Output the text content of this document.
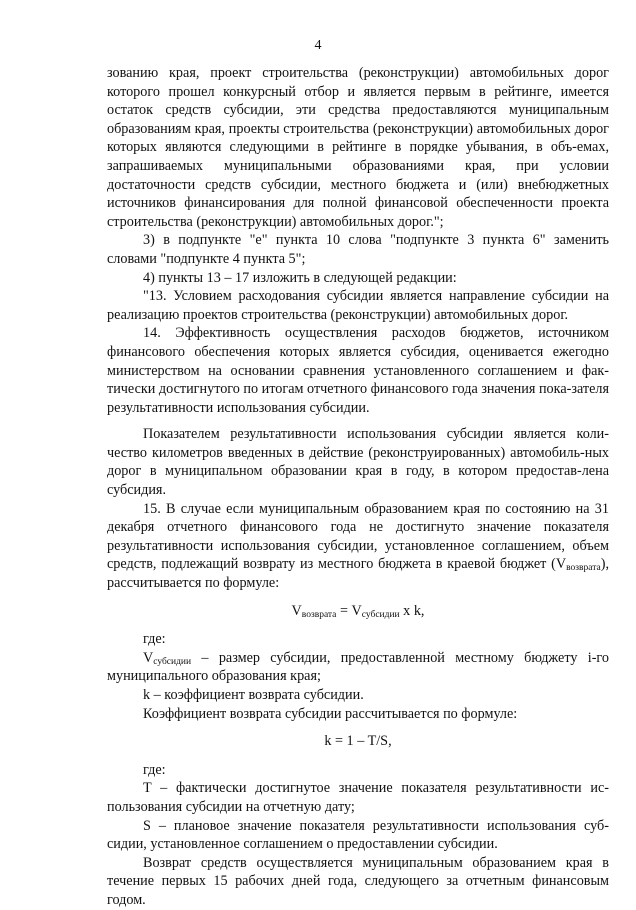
4

зованию края, проект строительства (реконструкции) автомобильных дорог которого прошел конкурсный отбор и является первым в рейтинге, имеется остаток средств субсидии, эти средства предоставляются муниципальным образованиям края, проекты строительства (реконструкции) автомобильных дорог которых являются следующими в рейтинге в порядке убывания, в объ-емах, запрашиваемых муниципальными образованиями края, при условии достаточности средств субсидии, местного бюджета и (или) внебюджетных источников финансирования для полной финансовой обеспеченности проекта строительства (реконструкции) автомобильных дорог.";

3) в подпункте "е" пункта 10 слова "подпункте 3 пункта 6" заменить словами "подпункте 4 пункта 5";

4) пункты 13 – 17 изложить в следующей редакции:

"13. Условием расходования субсидии является направление субсидии на реализацию проектов строительства (реконструкции) автомобильных дорог.

14. Эффективность осуществления расходов бюджетов, источником финансового обеспечения которых является субсидия, оценивается ежегодно министерством на основании сравнения установленного соглашением и фак-тически достигнутого по итогам отчетного финансового года значения пока-зателя результативности использования субсидии.

Показателем результативности использования субсидии является коли-чество километров введенных в действие (реконструированных) автомобиль-ных дорог в муниципальном образовании края в году, в котором предостав-лена субсидия.

15. В случае если муниципальным образованием края по состоянию на 31 декабря отчетного финансового года не достигнуто значение показателя результативности использования субсидии, установленное соглашением, объем средств, подлежащий возврату из местного бюджета в краевой бюджет $(V_{возврата})$, рассчитывается по формуле:

$V_{возврата} = V_{субсидии}$ x k,

где:

$V_{субсидии}$ – размер субсидии, предоставленной местному бюджету i-го муниципального образования края;

k – коэффициент возврата субсидии.

Коэффициент возврата субсидии рассчитывается по формуле:

k = 1 – T/S,

где:

T – фактически достигнутое значение показателя результативности ис-пользования субсидии на отчетную дату;

S – плановое значение показателя результативности использования суб-сидии, установленное соглашением о предоставлении субсидии.

Возврат средств осуществляется муниципальным образованием края в течение первых 15 рабочих дней года, следующего за отчетным финансовым годом.
